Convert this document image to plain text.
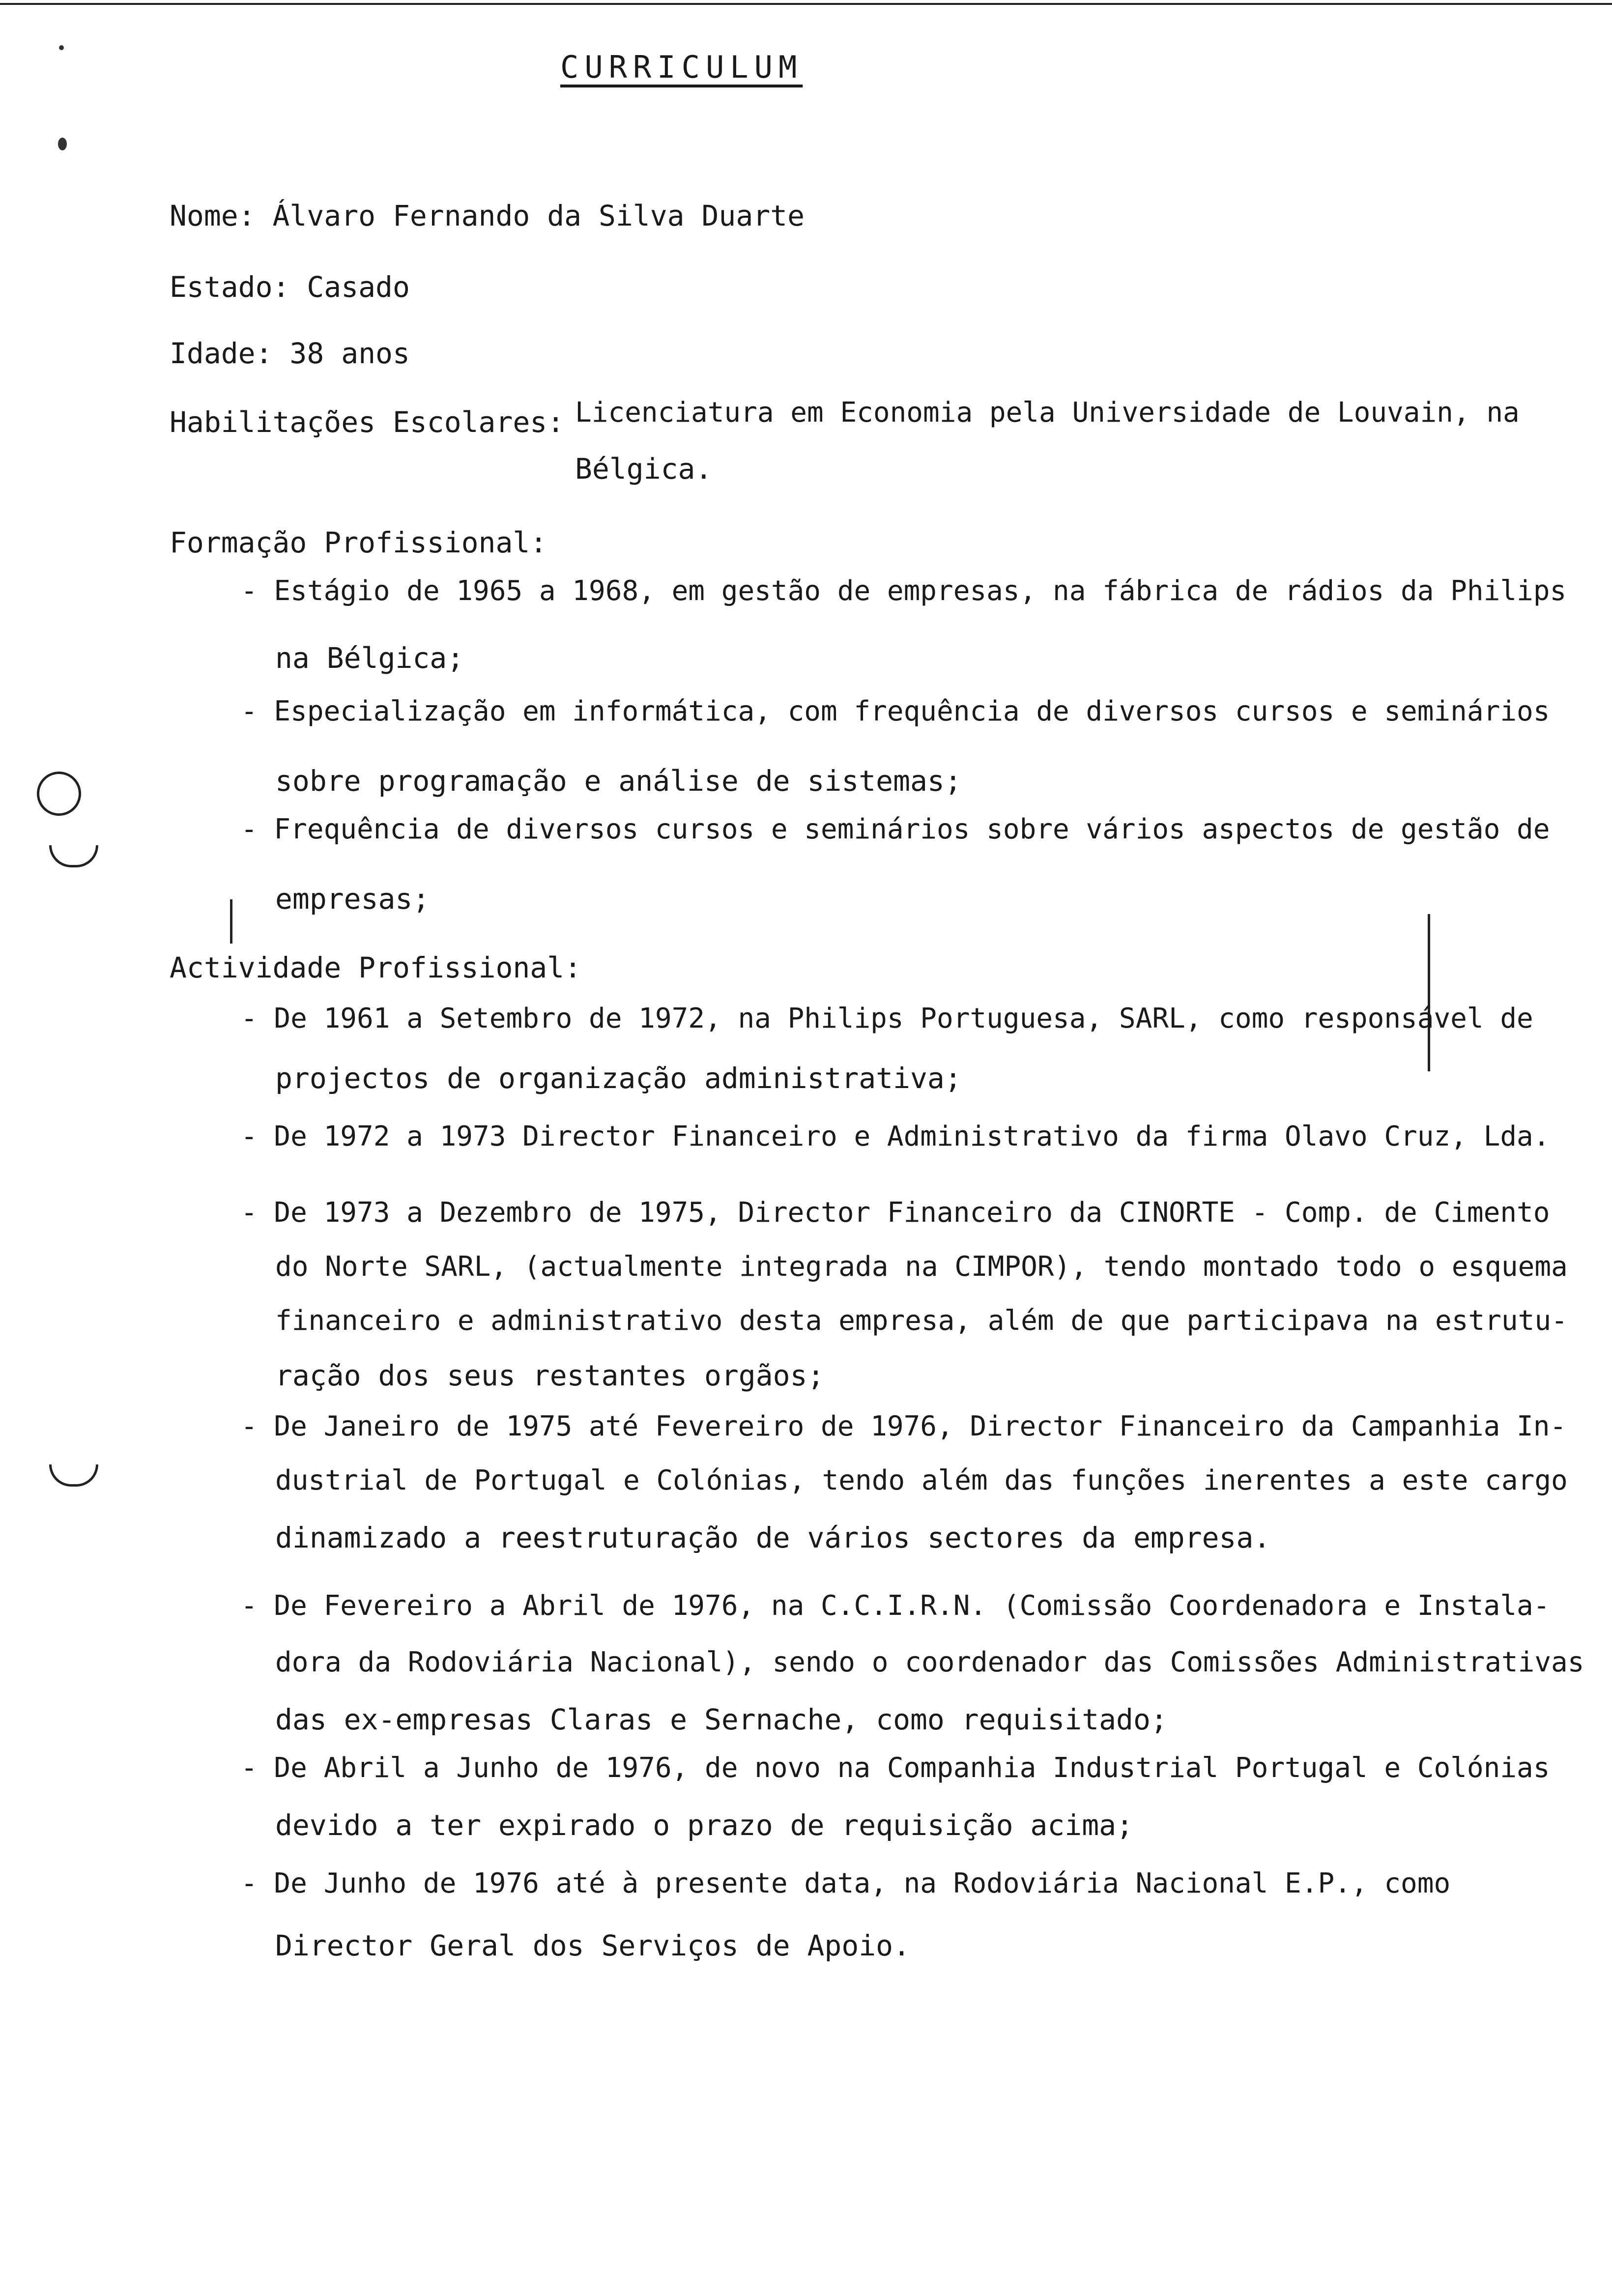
CURRICULUM
Nome: Álvaro Fernando da Silva Duarte
Estado: Casado
Idade: 38 anos
Habilitações Escolares: Licenciatura em Economia pela Universidade de Louvain, na
Bélgica.
Formação Profissional:
- Estágio de 1965 a 1968, em gestão de empresas, na fábrica de rádios da Philips
na Bélgica;
- Especialização em informática, com frequência de diversos cursos e seminários
sobre programação e análise de sistemas;
- Frequência de diversos cursos e seminários sobre vários aspectos de gestão de
empresas;
Actividade Profissional:
- De 1961 a Setembro de 1972, na Philips Portuguesa, SARL, como responsável de
projectos de organização administrativa;
- De 1972 a 1973 Director Financeiro e Administrativo da firma Olavo Cruz, Lda.
- De 1973 a Dezembro de 1975, Director Financeiro da CINORTE - Comp. de Cimento
do Norte SARL, (actualmente integrada na CIMPOR), tendo montado todo o esquema
financeiro e administrativo desta empresa, além de que participava na estrutu-
ração dos seus restantes orgãos;
- De Janeiro de 1975 até Fevereiro de 1976, Director Financeiro da Campanhia In-
dustrial de Portugal e Colónias, tendo além das funções inerentes a este cargo
dinamizado a reestruturação de vários sectores da empresa.
- De Fevereiro a Abril de 1976, na C.C.I.R.N. (Comissão Coordenadora e Instala-
dora da Rodoviária Nacional), sendo o coordenador das Comissões Administrativas
das ex-empresas Claras e Sernache, como requisitado;
- De Abril a Junho de 1976, de novo na Companhia Industrial Portugal e Colónias
devido a ter expirado o prazo de requisição acima;
- De Junho de 1976 até à presente data, na Rodoviária Nacional E.P., como
Director Geral dos Serviços de Apoio.
